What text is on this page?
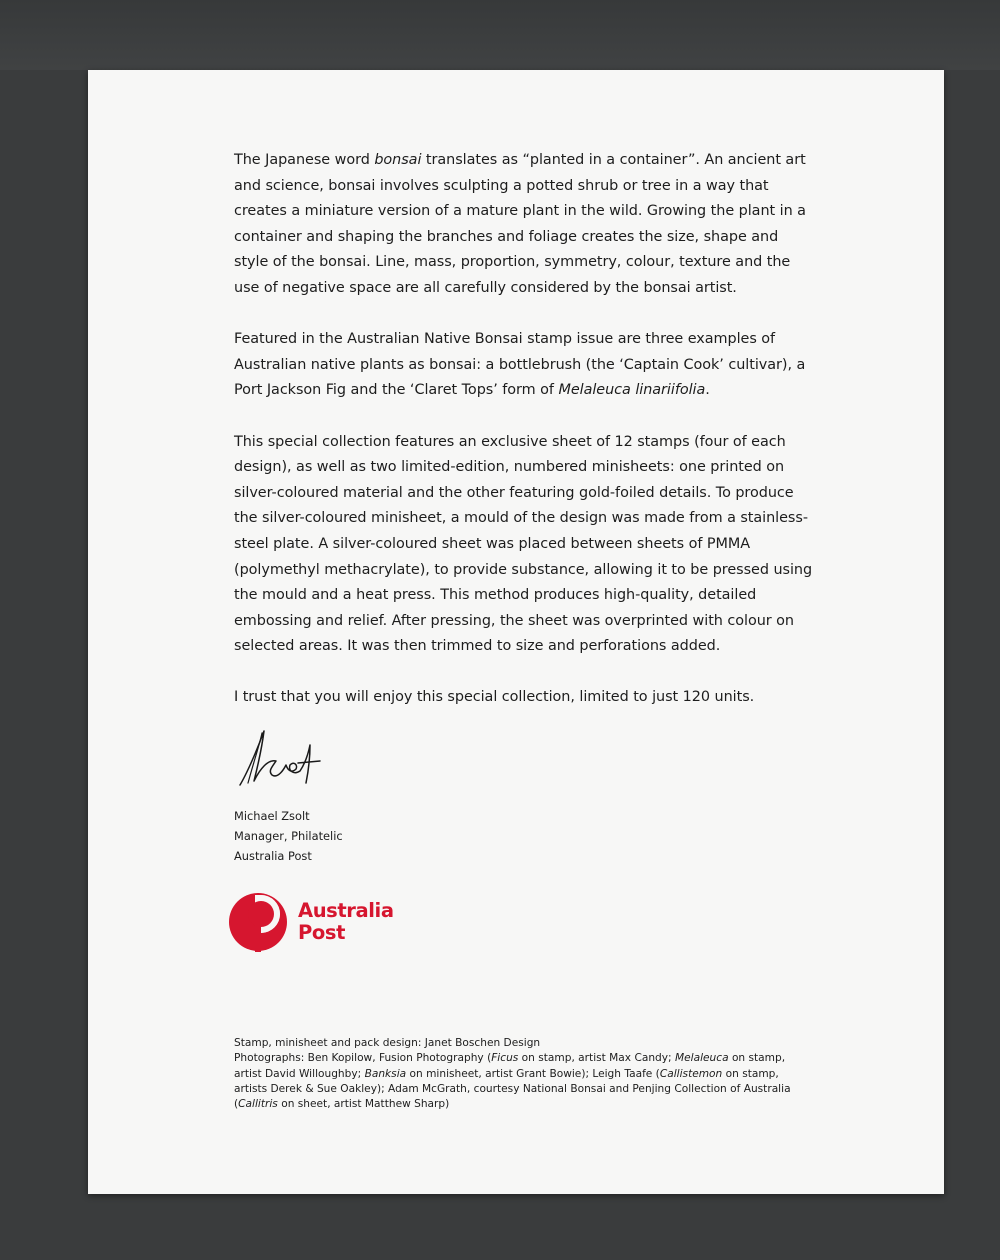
The Japanese word bonsai translates as “planted in a container”. An ancient art and science, bonsai involves sculpting a potted shrub or tree in a way that creates a miniature version of a mature plant in the wild. Growing the plant in a container and shaping the branches and foliage creates the size, shape and style of the bonsai. Line, mass, proportion, symmetry, colour, texture and the use of negative space are all carefully considered by the bonsai artist.

Featured in the Australian Native Bonsai stamp issue are three examples of Australian native plants as bonsai: a bottlebrush (the ‘Captain Cook’ cultivar), a Port Jackson Fig and the ‘Claret Tops’ form of Melaleuca linariifolia.

This special collection features an exclusive sheet of 12 stamps (four of each design), as well as two limited-edition, numbered minisheets: one printed on silver-coloured material and the other featuring gold-foiled details. To produce the silver-coloured minisheet, a mould of the design was made from a stainless-steel plate. A silver-coloured sheet was placed between sheets of PMMA (polymethyl methacrylate), to provide substance, allowing it to be pressed using the mould and a heat press. This method produces high-quality, detailed embossing and relief. After pressing, the sheet was overprinted with colour on selected areas. It was then trimmed to size and perforations added.

I trust that you will enjoy this special collection, limited to just 120 units.

Michael Zsolt
Manager, Philatelic
Australia Post
Australia
Post
Stamp, minisheet and pack design: Janet Boschen Design
Photographs: Ben Kopilow, Fusion Photography (Ficus on stamp, artist Max Candy; Melaleuca on stamp, artist David Willoughby; Banksia on minisheet, artist Grant Bowie); Leigh Taafe (Callistemon on stamp, artists Derek & Sue Oakley); Adam McGrath, courtesy National Bonsai and Penjing Collection of Australia (Callitris on sheet, artist Matthew Sharp)
